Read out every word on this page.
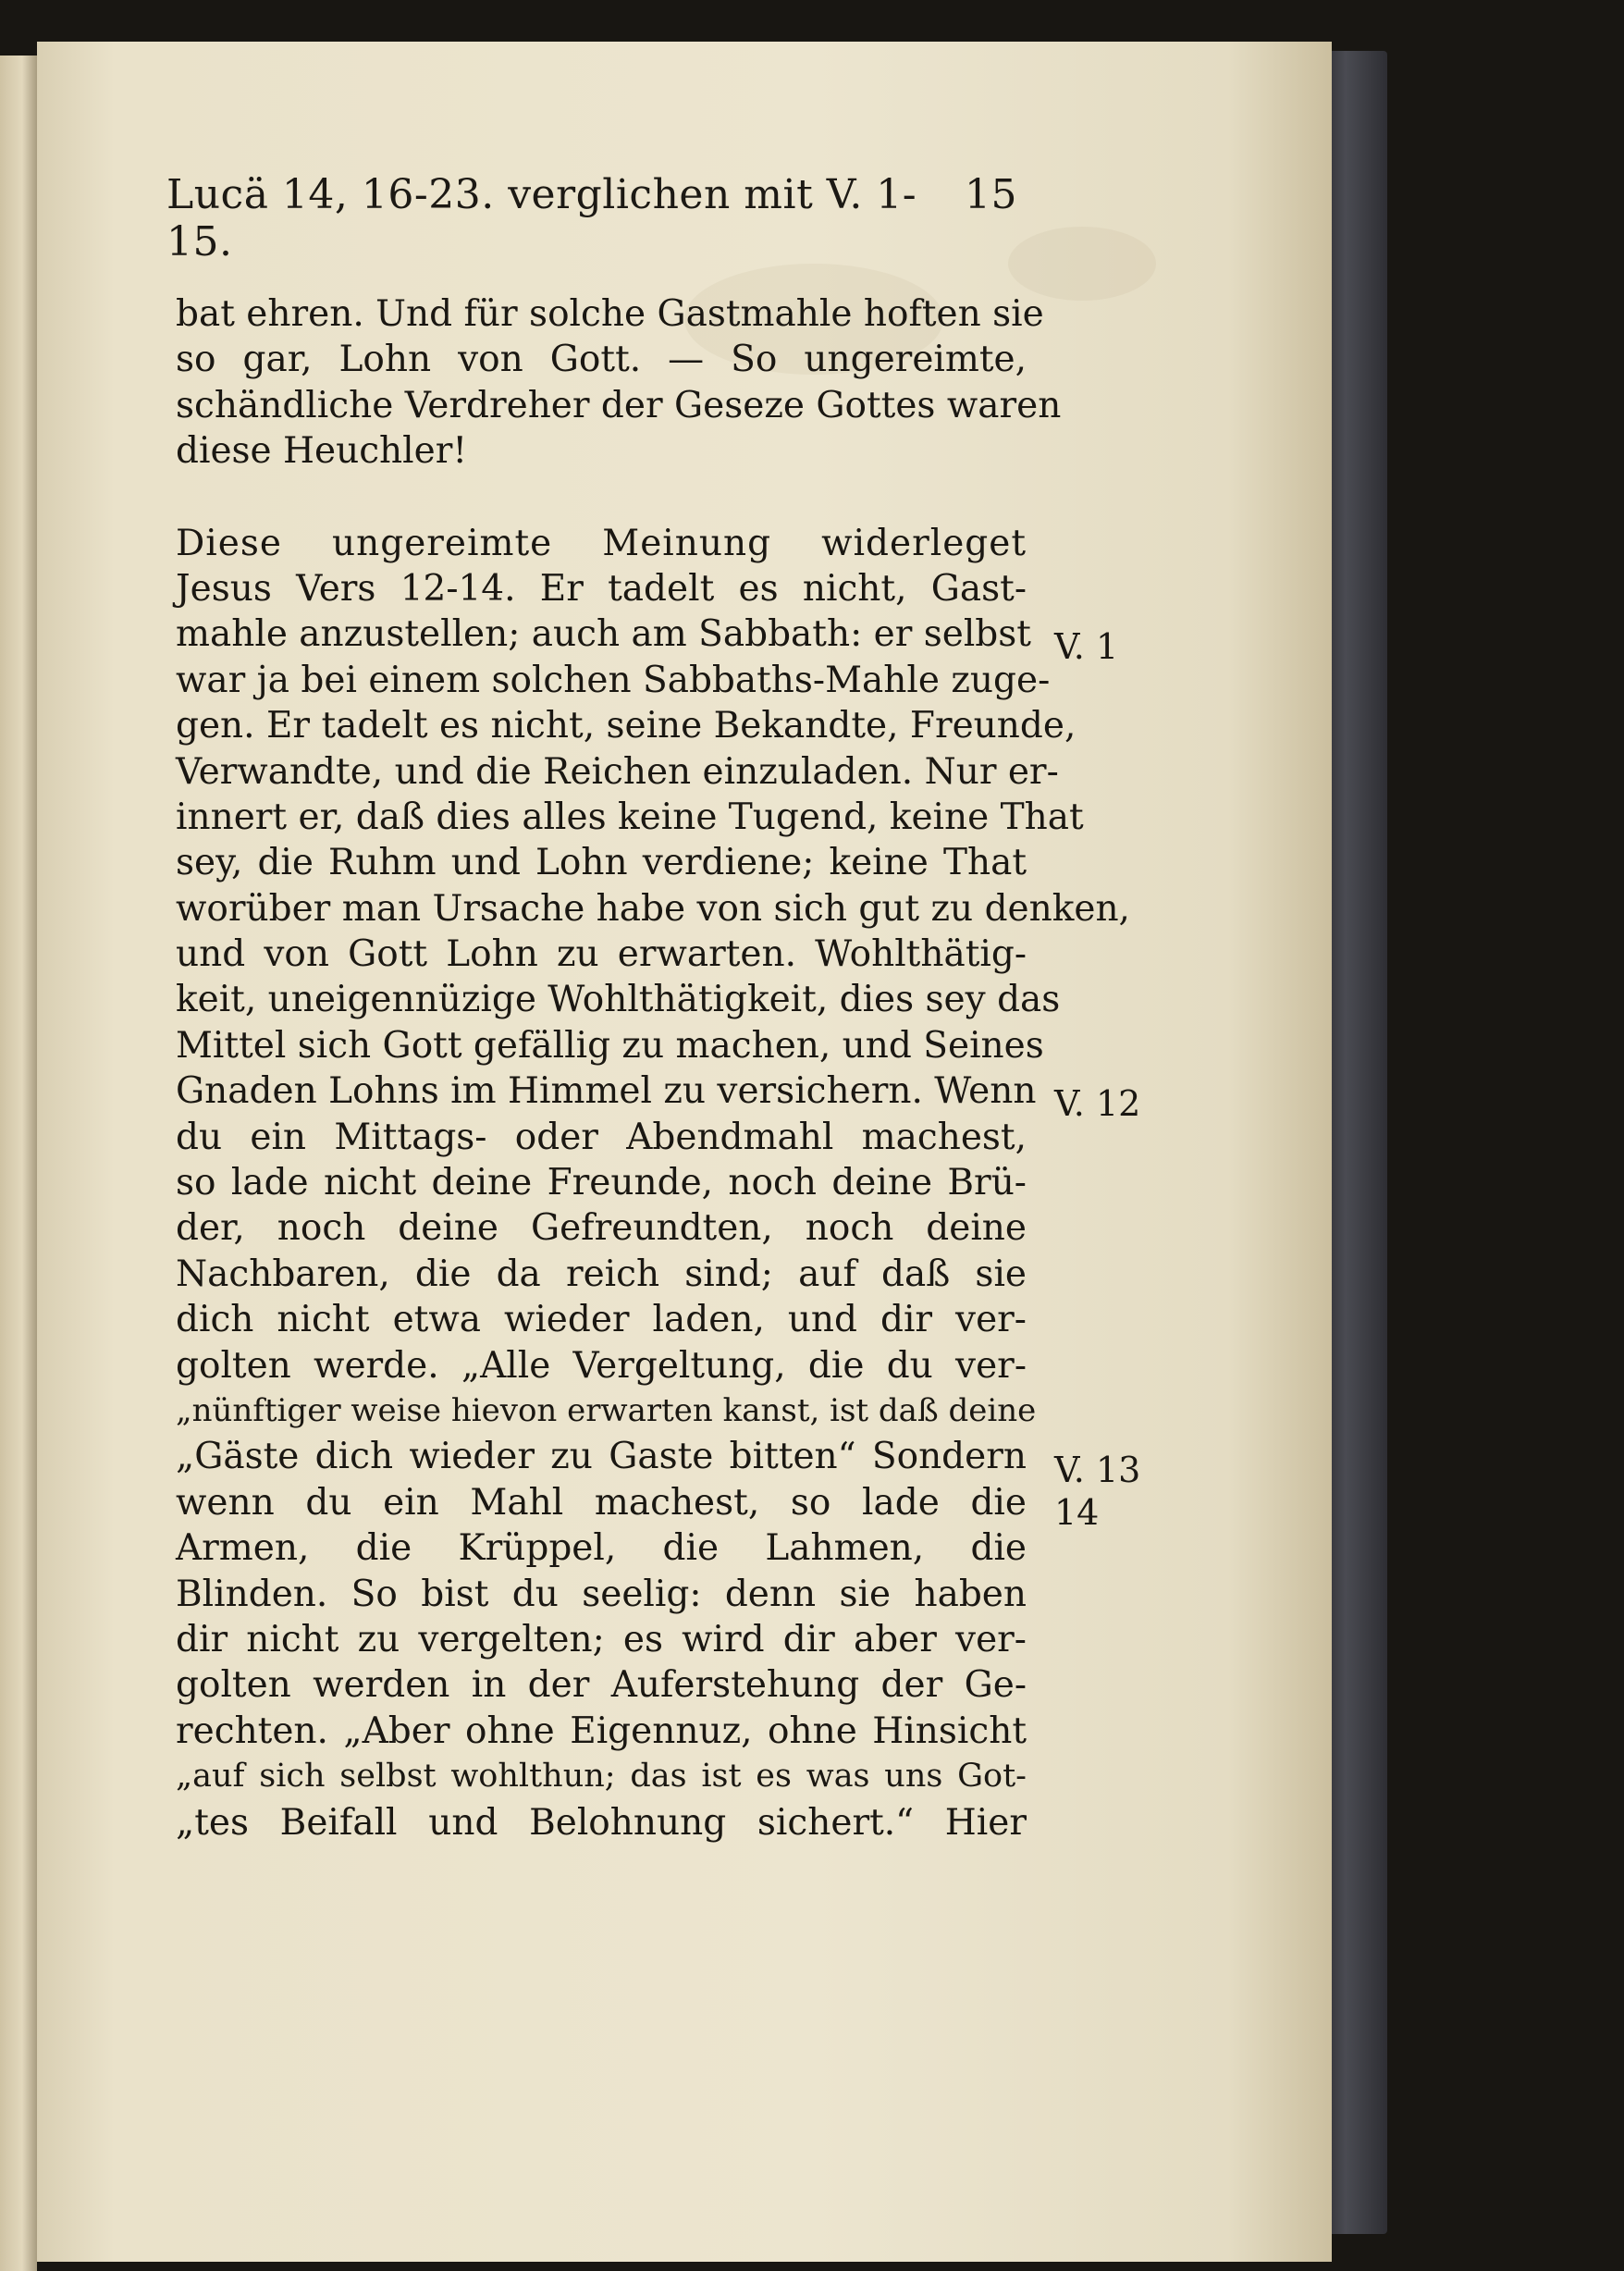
Lucä 14, 16-23. verglichen mit V. 1-15.
15
bat ehren. Und für solche Gastmahle hoften sie
so gar, Lohn von Gott. — So ungereimte,
schändliche Verdreher der Geseze Gottes waren
diese Heuchler!
Diese ungereimte Meinung widerleget
Jesus Vers 12-14. Er tadelt es nicht, Gast-
mahle anzustellen; auch am Sabbath: er selbst
war ja bei einem solchen Sabbaths-Mahle zuge-
gen. Er tadelt es nicht, seine Bekandte, Freunde,
Verwandte, und die Reichen einzuladen. Nur er-
innert er, daß dies alles keine Tugend, keine That
sey, die Ruhm und Lohn verdiene; keine That
worüber man Ursache habe von sich gut zu denken,
und von Gott Lohn zu erwarten. Wohlthätig-
keit, uneigennüzige Wohlthätigkeit, dies sey das
Mittel sich Gott gefällig zu machen, und Seines
Gnaden Lohns im Himmel zu versichern. Wenn
du ein Mittags- oder Abendmahl machest,
so lade nicht deine Freunde, noch deine Brü-
der, noch deine Gefreundten, noch deine
Nachbaren, die da reich sind; auf daß sie
dich nicht etwa wieder laden, und dir ver-
golten werde. „Alle Vergeltung, die du ver-
„nünftiger weise hievon erwarten kanst, ist daß deine
„Gäste dich wieder zu Gaste bitten“ Sondern
wenn du ein Mahl machest, so lade die
Armen, die Krüppel, die Lahmen, die
Blinden. So bist du seelig: denn sie haben
dir nicht zu vergelten; es wird dir aber ver-
golten werden in der Auferstehung der Ge-
rechten. „Aber ohne Eigennuz, ohne Hinsicht
„auf sich selbst wohlthun; das ist es was uns Got-
„tes Beifall und Belohnung sichert.“ Hier
V. 1
V. 12
V. 13
14
